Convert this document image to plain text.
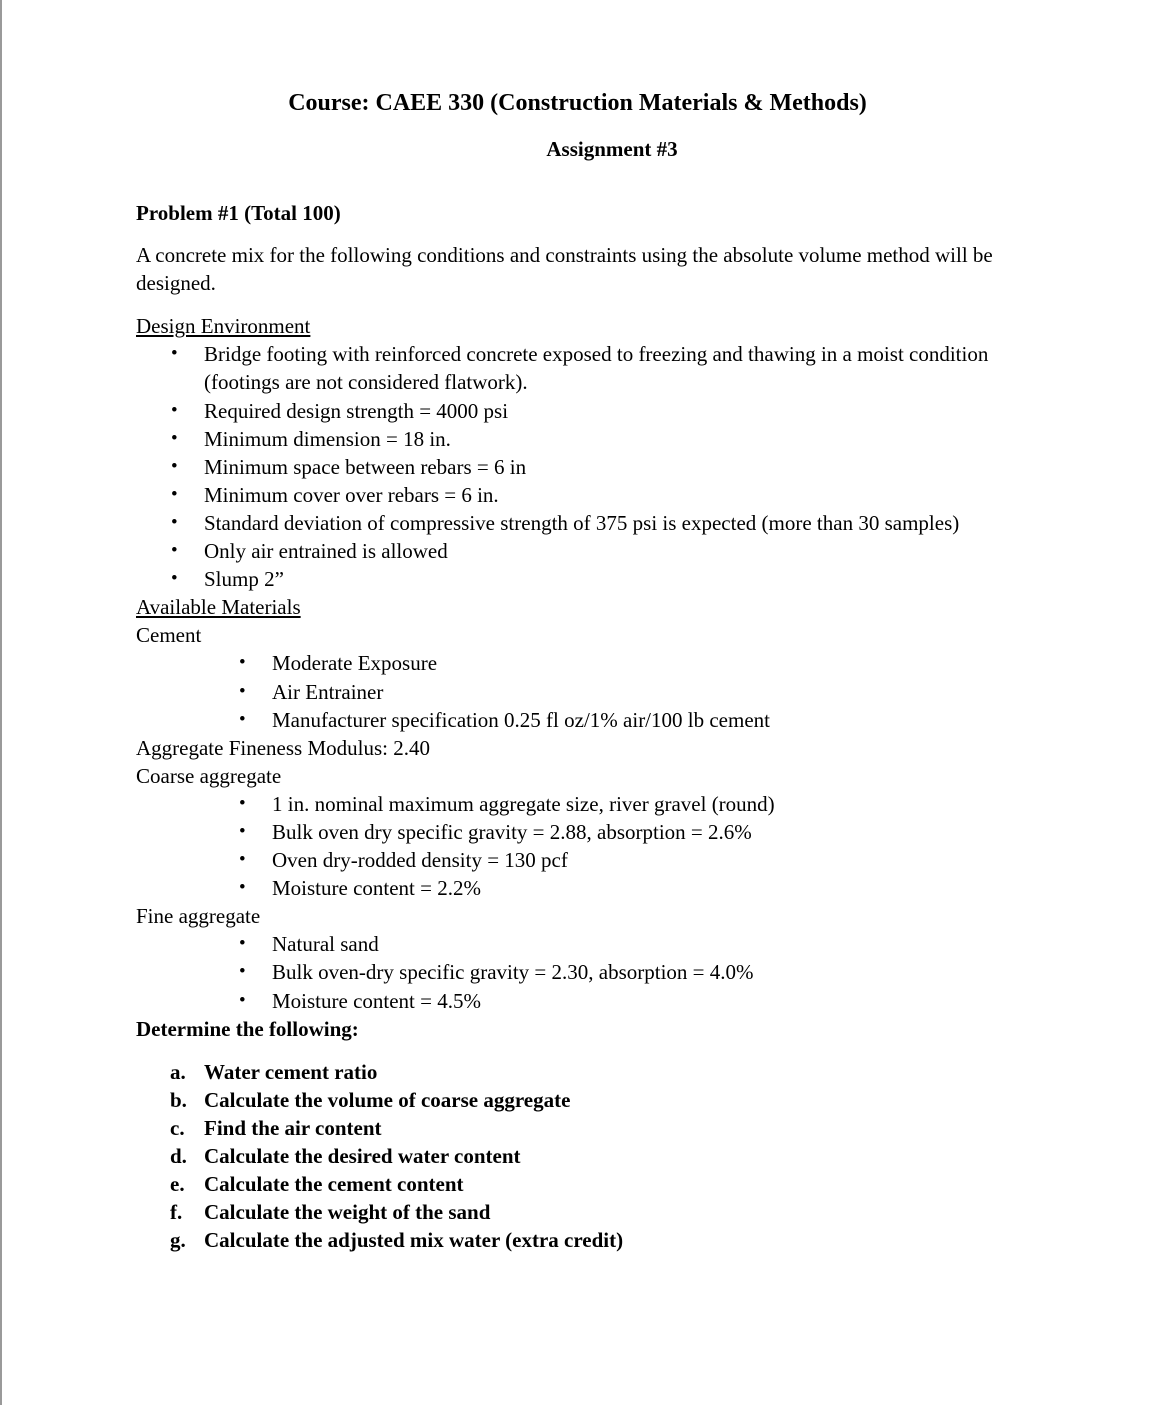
Course: CAEE 330 (Construction Materials & Methods)
Assignment #3

Problem #1 (Total 100)

A concrete mix for the following conditions and constraints using the absolute volume method will be designed.

Design Environment

• Bridge footing with reinforced concrete exposed to freezing and thawing in a moist condition (footings are not considered flatwork).
• Required design strength = 4000 psi
• Minimum dimension = 18 in.
• Minimum space between rebars = 6 in
• Minimum cover over rebars = 6 in.
• Standard deviation of compressive strength of 375 psi is expected (more than 30 samples)
• Only air entrained is allowed
• Slump 2”

Available Materials

Cement

• Moderate Exposure
• Air Entrainer
• Manufacturer specification 0.25 fl oz/1% air/100 lb cement

Aggregate Fineness Modulus: 2.40

Coarse aggregate

• 1 in. nominal maximum aggregate size, river gravel (round)
• Bulk oven dry specific gravity = 2.88, absorption = 2.6%
• Oven dry-rodded density = 130 pcf
• Moisture content = 2.2%

Fine aggregate

• Natural sand
• Bulk oven-dry specific gravity = 2.30, absorption = 4.0%
• Moisture content = 4.5%

Determine the following:

a. Water cement ratio
b. Calculate the volume of coarse aggregate
c. Find the air content
d. Calculate the desired water content
e. Calculate the cement content
f. Calculate the weight of the sand
g. Calculate the adjusted mix water (extra credit)
